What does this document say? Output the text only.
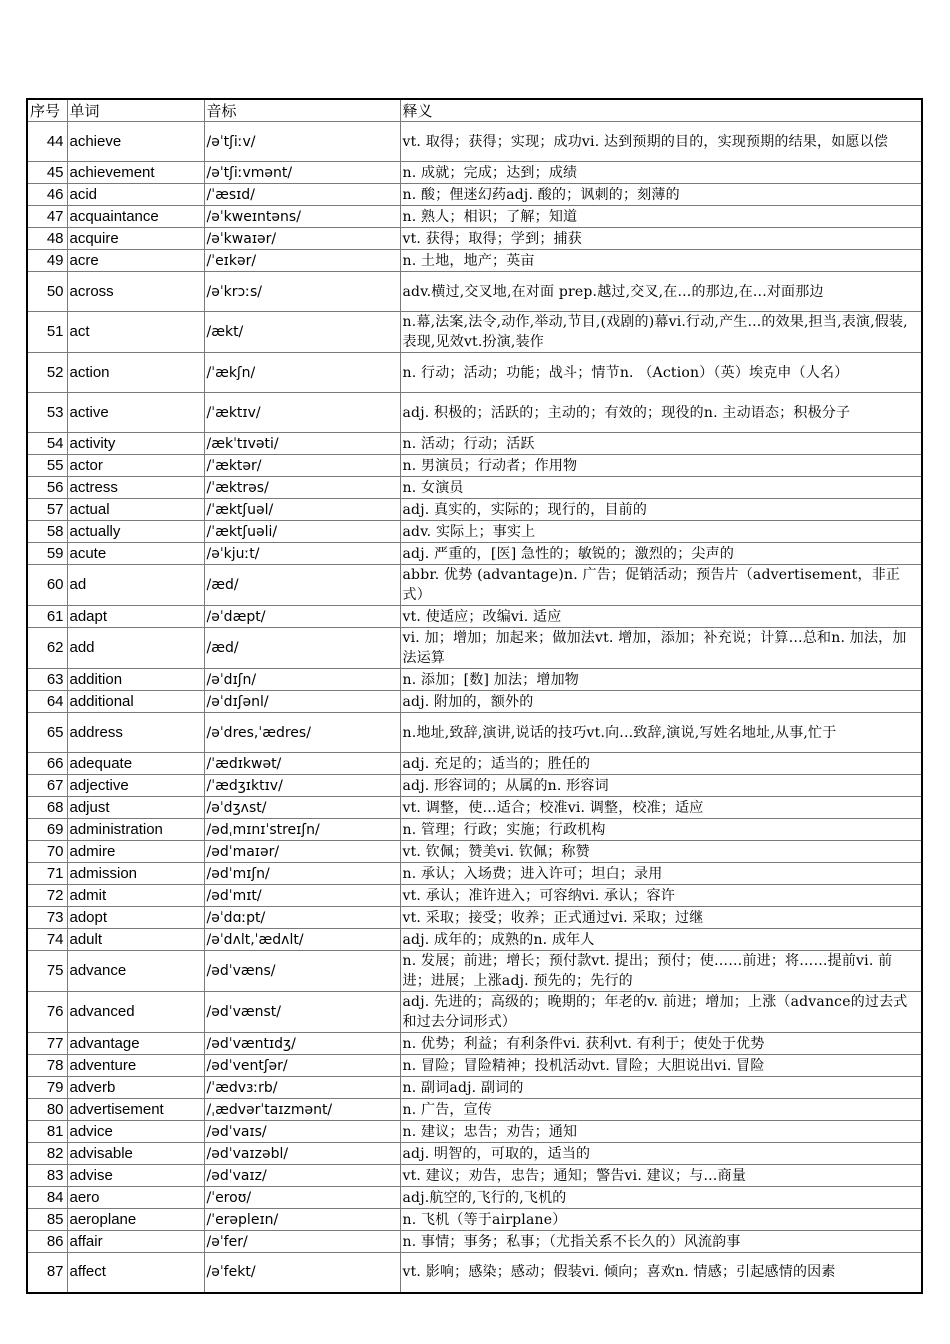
序号	单词	音标	释义
44	achieve	/əˈtʃiːv/	vt. 取得；获得；实现；成功vi. 达到预期的目的，实现预期的结果，如愿以偿
45	achievement	/əˈtʃiːvmənt/	n. 成就；完成；达到；成绩
46	acid	/ˈæsɪd/	n. 酸；俚迷幻药adj. 酸的；讽刺的；刻薄的
47	acquaintance	/əˈkweɪntəns/	n. 熟人；相识；了解；知道
48	acquire	/əˈkwaɪər/	vt. 获得；取得；学到；捕获
49	acre	/ˈeɪkər/	n. 土地，地产；英亩
50	across	/əˈkrɔːs/	adv.横过,交叉地,在对面 prep.越过,交叉,在...的那边,在...对面那边
51	act	/ækt/	n.幕,法案,法令,动作,举动,节目,(戏剧的)幕vi.行动,产生...的效果,担当,表演,假装,表现,见效vt.扮演,装作
52	action	/ˈækʃn/	n. 行动；活动；功能；战斗；情节n. （Action）（英）埃克申（人名）
53	active	/ˈæktɪv/	adj. 积极的；活跃的；主动的；有效的；现役的n. 主动语态；积极分子
54	activity	/ækˈtɪvəti/	n. 活动；行动；活跃
55	actor	/ˈæktər/	n. 男演员；行动者；作用物
56	actress	/ˈæktrəs/	n. 女演员
57	actual	/ˈæktʃuəl/	adj. 真实的，实际的；现行的，目前的
58	actually	/ˈæktʃuəli/	adv. 实际上；事实上
59	acute	/əˈkjuːt/	adj. 严重的，[医] 急性的；敏锐的；激烈的；尖声的
60	ad	/æd/	abbr. 优势 (advantage)n. 广告；促销活动；预告片（advertisement，非正式）
61	adapt	/əˈdæpt/	vt. 使适应；改编vi. 适应
62	add	/æd/	vi. 加；增加；加起来；做加法vt. 增加，添加；补充说；计算…总和n. 加法，加法运算
63	addition	/əˈdɪʃn/	n. 添加；[数] 加法；增加物
64	additional	/əˈdɪʃənl/	adj. 附加的，额外的
65	address	/əˈdres,ˈædres/	n.地址,致辞,演讲,说话的技巧vt.向...致辞,演说,写姓名地址,从事,忙于
66	adequate	/ˈædɪkwət/	adj. 充足的；适当的；胜任的
67	adjective	/ˈædʒɪktɪv/	adj. 形容词的；从属的n. 形容词
68	adjust	/əˈdʒʌst/	vt. 调整，使…适合；校准vi. 调整，校准；适应
69	administration	/ədˌmɪnɪˈstreɪʃn/	n. 管理；行政；实施；行政机构
70	admire	/ədˈmaɪər/	vt. 钦佩；赞美vi. 钦佩；称赞
71	admission	/ədˈmɪʃn/	n. 承认；入场费；进入许可；坦白；录用
72	admit	/ədˈmɪt/	vt. 承认；准许进入；可容纳vi. 承认；容许
73	adopt	/əˈdɑːpt/	vt. 采取；接受；收养；正式通过vi. 采取；过继
74	adult	/əˈdʌlt,ˈædʌlt/	adj. 成年的；成熟的n. 成年人
75	advance	/ədˈvæns/	n. 发展；前进；增长；预付款vt. 提出；预付；使……前进；将……提前vi. 前进；进展；上涨adj. 预先的；先行的
76	advanced	/ədˈvænst/	adj. 先进的；高级的；晚期的；年老的v. 前进；增加；上涨（advance的过去式和过去分词形式）
77	advantage	/ədˈvæntɪdʒ/	n. 优势；利益；有利条件vi. 获利vt. 有利于；使处于优势
78	adventure	/ədˈventʃər/	n. 冒险；冒险精神；投机活动vt. 冒险；大胆说出vi. 冒险
79	adverb	/ˈædvɜːrb/	n. 副词adj. 副词的
80	advertisement	/ˌædvərˈtaɪzmənt/	n. 广告，宣传
81	advice	/ədˈvaɪs/	n. 建议；忠告；劝告；通知
82	advisable	/ədˈvaɪzəbl/	adj. 明智的，可取的，适当的
83	advise	/ədˈvaɪz/	vt. 建议；劝告，忠告；通知；警告vi. 建议；与…商量
84	aero	/ˈeroʊ/	adj.航空的,飞行的,飞机的
85	aeroplane	/ˈerəpleɪn/	n. 飞机（等于airplane）
86	affair	/əˈfer/	n. 事情；事务；私事；（尤指关系不长久的）风流韵事
87	affect	/əˈfekt/	vt. 影响；感染；感动；假装vi. 倾向；喜欢n. 情感；引起感情的因素
